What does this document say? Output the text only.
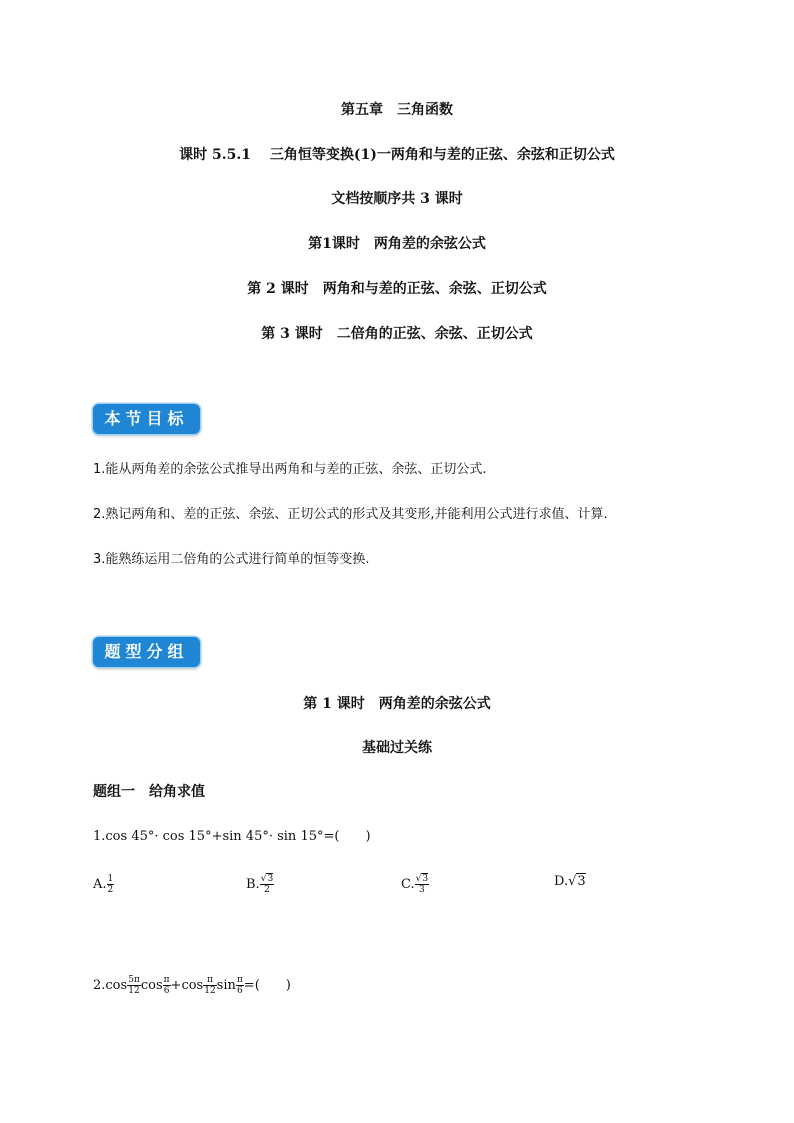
第五章　三角函数
课时 5.5.1　 三角恒等变换(1)一两角和与差的正弦、余弦和正切公式
文档按顺序共 3 课时
第1课时　两角差的余弦公式
第 2 课时　两角和与差的正弦、余弦、正切公式
第 3 课时　二倍角的正弦、余弦、正切公式
本节目标
1.能从两角差的余弦公式推导出两角和与差的正弦、余弦、正切公式.
2.熟记两角和、差的正弦、余弦、正切公式的形式及其变形,并能利用公式进行求值、计算.
3.能熟练运用二倍角的公式进行简单的恒等变换.
题型分组
第 1 课时　两角差的余弦公式
基础过关练
题组一　给角求值
1.cos 45°· cos 15°+sin 45°· sin 15°=(　　)
A. $\frac{1}{2}$	B. $\frac{√3}{2}$	C. $\frac{√3}{3}$	D.√3
$2.\cos \frac{5\pi}{12}$ $\cos \frac{\pi}{6} +\cos \frac{\pi}{12}$ $\sin \frac{\pi}{6}$ =(　　)
